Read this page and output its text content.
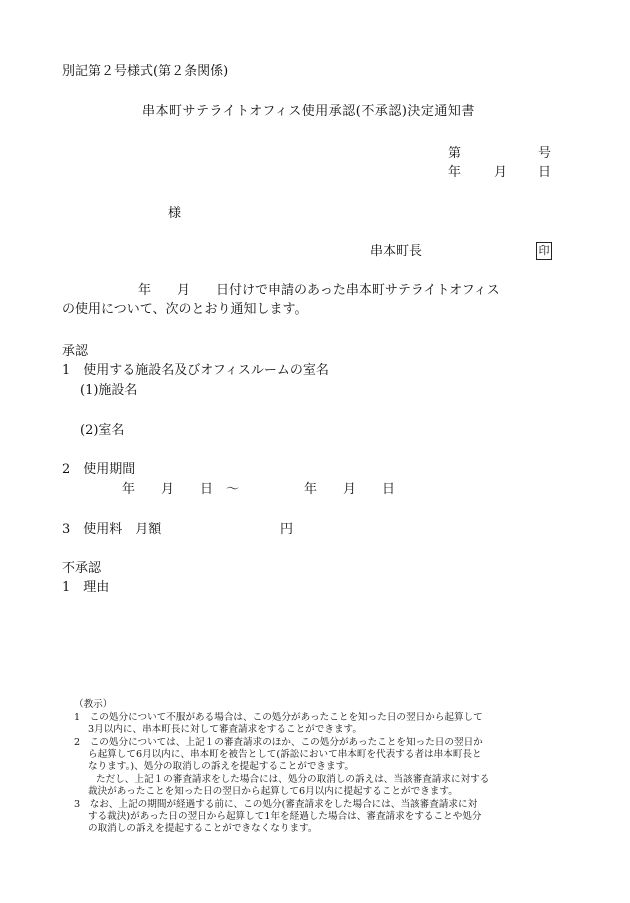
別記第２号様式(第２条関係)
串本町サテライトオフィス使用承認(不承認)決定通知書
第	号
年	月 日
様
串本町長	印
年　　月　　日付けで申請のあった串本町サテライトオフィス
の使用について、次のとおり通知します。
承認
1　使用する施設名及びオフィスルームの室名
(1)施設名
(2)室名
2　使用期間
年　　月　　日　～　　　　　年　　月　　日
3　使用料　月額	円
不承認
1　理由
（教示）
1　この処分について不服がある場合は、この処分があったことを知った日の翌日から起算して
3月以内に、串本町長に対して審査請求をすることができます。
2　この処分については、上記１の審査請求のほか、この処分があったことを知った日の翌日か
ら起算して6月以内に、串本町を被告として(訴訟において串本町を代表する者は串本町長と
なります。)、処分の取消しの訴えを提起することができます。
ただし、上記１の審査請求をした場合には、処分の取消しの訴えは、当該審査請求に対する
裁決があったことを知った日の翌日から起算して6月以内に提起することができます。
3　なお、上記の期間が経過する前に、この処分(審査請求をした場合には、当該審査請求に対
する裁決)があった日の翌日から起算して1年を経過した場合は、審査請求をすることや処分
の取消しの訴えを提起することができなくなります。
